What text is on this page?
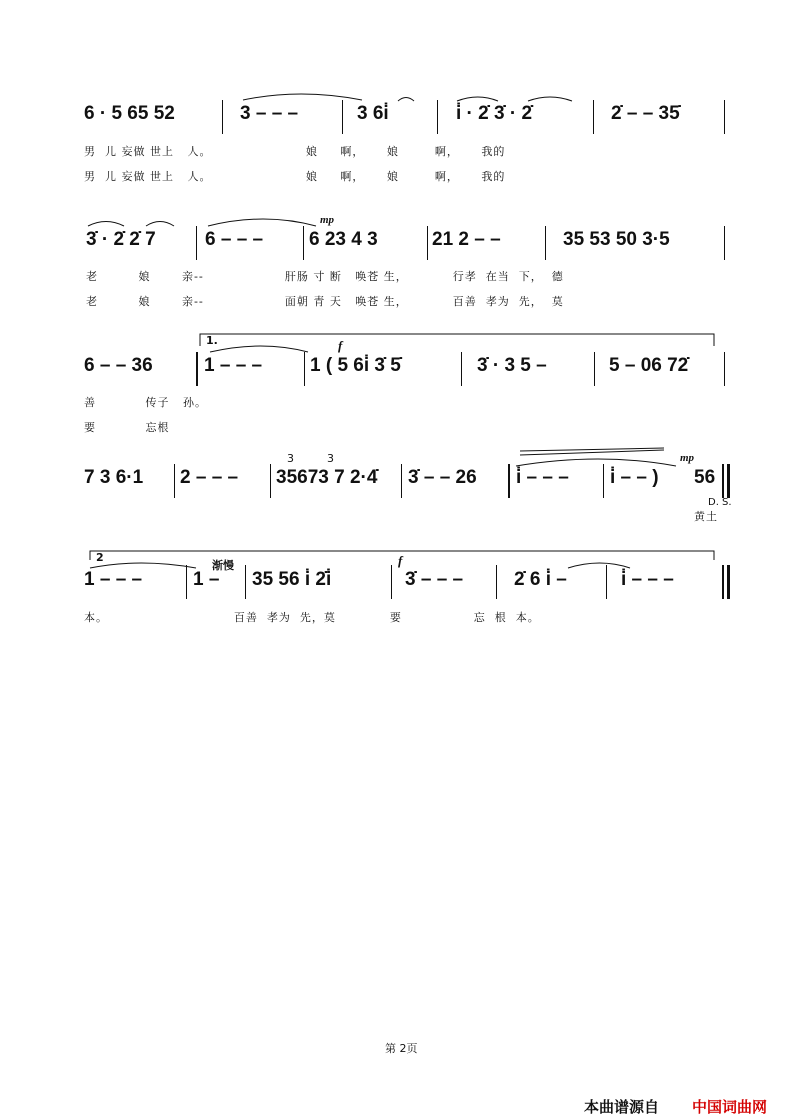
6 · 5 65 52	3 – – –	3 6i̇	i̇ · 2̇ 3̇ · 2̇	2̇ – – 35̇
男  儿 妄做 世上   人。                     娘     啊，     娘        啊，     我的
男  儿 妄做 世上   人。                     娘     啊，     娘        啊，     我的
3̇ · 2̇ 2̇ 7	6 – – – 6 23 4 3
mp
21 2 – –	35 53 50 3·5
老         娘       亲--                  肝肠 寸 断   唤苍 生，          行孝  在当  下，  德
老         娘       亲--                  面朝 青 天   唤苍 生，          百善  孝为  先，  莫
6 – – 36
1.
1 – – –	1 ( 5 6i̇ 3̇ 5̇
f
3̇ · 3 5 –	5 – 06 72̇
善           传子   孙。
要           忘根
7 3 6·1 2 – – –
3	3
35673 7 2·4̇ 3̇ – – 26 i̇ – – – i̇ – – )
mp
56
D. S.
黄土
2
1 – – –	1 –
渐慢
35 56 i̇ 2̇i̇
f
3̇ – – –	2̇ 6 i̇ –	i̇ – – –
本。                            百善  孝为  先，莫            要                忘  根  本。
第 2页
本曲谱源自 中国词曲网
